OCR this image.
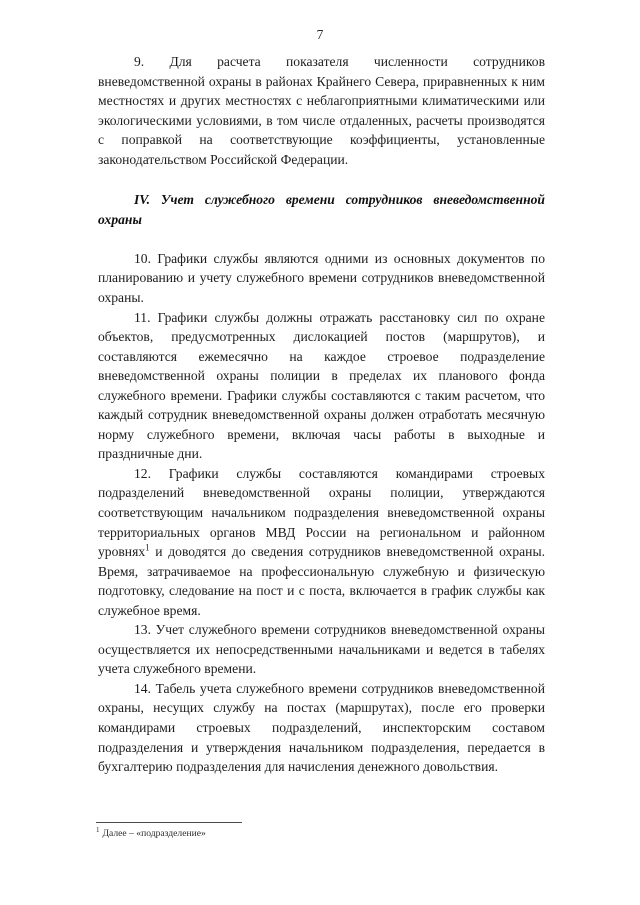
7

9. Для расчета показателя численности сотрудников вневедомственной охраны в районах Крайнего Севера, приравненных к ним местностях и других местностях с неблагоприятными климатическими или экологическими условиями, в том числе отдаленных, расчеты производятся с поправкой на соответствующие коэффициенты, установленные законодательством Российской Федерации.

IV. Учет служебного времени сотрудников вневедомственной охраны

10. Графики службы являются одними из основных документов по планированию и учету служебного времени сотрудников вневедомственной охраны.

11. Графики службы должны отражать расстановку сил по охране объектов, предусмотренных дислокацией постов (маршрутов), и составляются ежемесячно на каждое строевое подразделение вневедомственной охраны полиции в пределах их планового фонда служебного времени. Графики службы составляются с таким расчетом, что каждый сотрудник вневедомственной охраны должен отработать месячную норму служебного времени, включая часы работы в выходные и праздничные дни.

12. Графики службы составляются командирами строевых подразделений вневедомственной охраны полиции, утверждаются соответствующим начальником подразделения вневедомственной охраны территориальных органов МВД России на региональном и районном уровнях$^1$ и доводятся до сведения сотрудников вневедомственной охраны. Время, затрачиваемое на профессиональную служебную и физическую подготовку, следование на пост и с поста, включается в график службы как служебное время.

13. Учет служебного времени сотрудников вневедомственной охраны осуществляется их непосредственными начальниками и ведется в табелях учета служебного времени.

14. Табель учета служебного времени сотрудников вневедомственной охраны, несущих службу на постах (маршрутах), после его проверки командирами строевых подразделений, инспекторским составом подразделения и утверждения начальником подразделения, передается в бухгалтерию подразделения для начисления денежного довольствия.

$^1$ Далее – «подразделение»
